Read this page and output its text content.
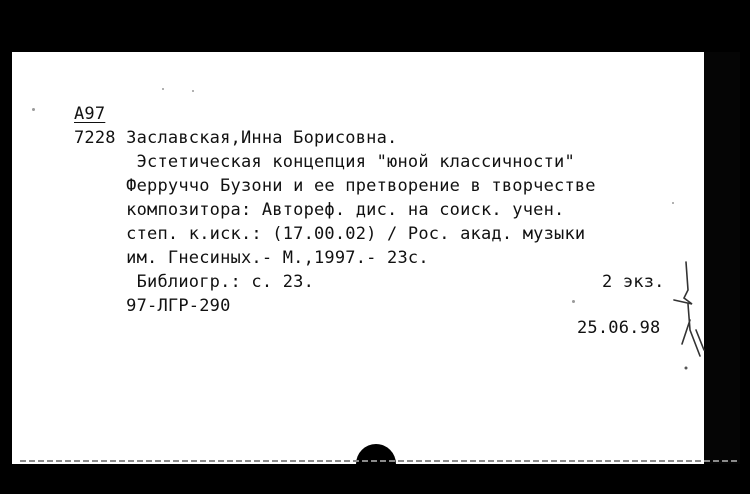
А97
7228 Заславская,Инна Борисовна.
Эстетическая концепция "юной классичности"
Ферруччо Бузони и ее претворение в творчестве
композитора: Автореф. дис. на соиск. учен.
степ. к.иск.: (17.00.02) / Рос. акад. музыки
им. Гнесиных.- М.,1997.- 23с.
Библиогр.: с. 23.
97-ЛГР-290
2 экз.
25.06.98
